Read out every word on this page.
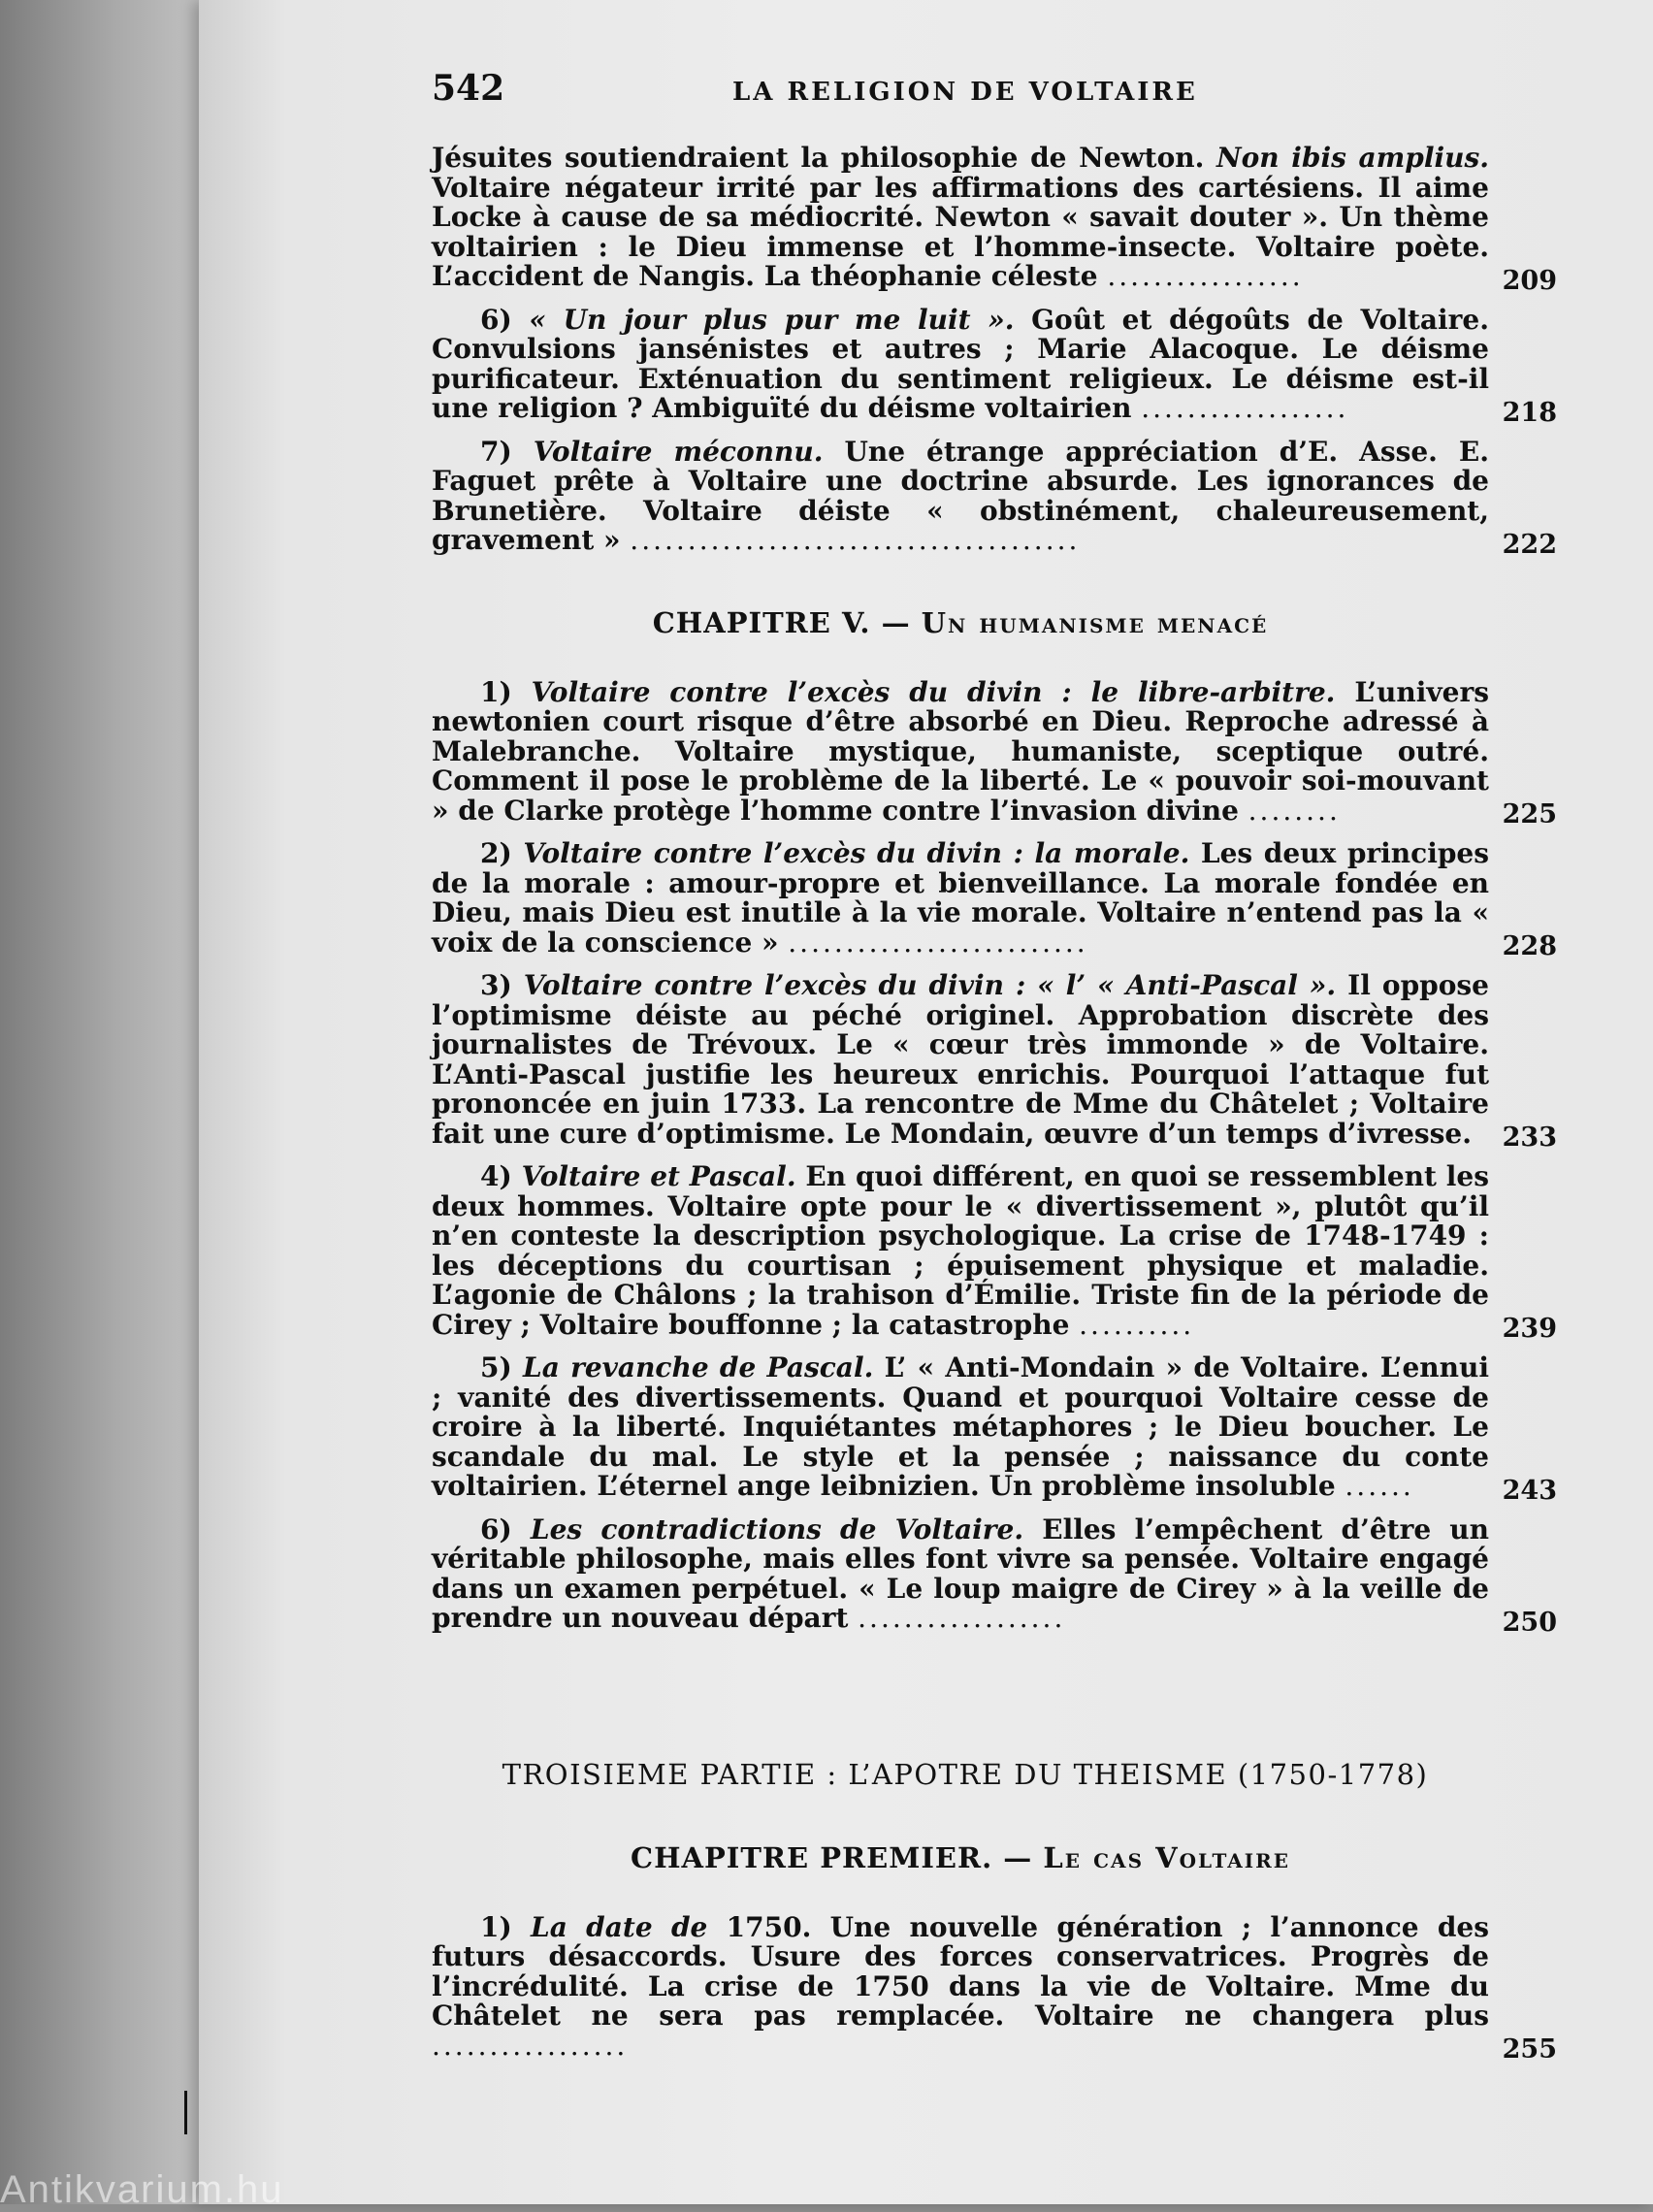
542	LA RELIGION DE VOLTAIRE
Jésuites soutiendraient la philosophie de Newton. Non ibis amplius. Voltaire négateur irrité par les affirmations des cartésiens. Il aime Locke à cause de sa médiocrité. Newton « savait douter ». Un thème voltairien : le Dieu immense et l’homme-insecte. Voltaire poète. L’accident de Nangis. La théophanie céleste .................	209
6) « Un jour plus pur me luit ». Goût et dégoûts de Voltaire. Convulsions jansénistes et autres ; Marie Alacoque. Le déisme purificateur. Exténuation du sentiment religieux. Le déisme est-il une religion ? Ambiguïté du déisme voltairien ..................	218
7) Voltaire méconnu. Une étrange appréciation d’E. Asse. E. Faguet prête à Voltaire une doctrine absurde. Les ignorances de Brunetière. Voltaire déiste « obstinément, chaleureusement, gravement » .......................................	222
CHAPITRE V. — Un humanisme menacé
1) Voltaire contre l’excès du divin : le libre-arbitre. L’univers newtonien court risque d’être absorbé en Dieu. Reproche adressé à Malebranche. Voltaire mystique, humaniste, sceptique outré. Comment il pose le problème de la liberté. Le « pouvoir soi-mouvant » de Clarke protège l’homme contre l’invasion divine ........	225
2) Voltaire contre l’excès du divin : la morale. Les deux principes de la morale : amour-propre et bienveillance. La morale fondée en Dieu, mais Dieu est inutile à la vie morale. Voltaire n’entend pas la « voix de la conscience » ..........................	228
3) Voltaire contre l’excès du divin : « l’ « Anti-Pascal ». Il oppose l’optimisme déiste au péché originel. Approbation discrète des journalistes de Trévoux. Le « cœur très immonde » de Voltaire. L’Anti-Pascal justifie les heureux enrichis. Pourquoi l’attaque fut prononcée en juin 1733. La rencontre de Mme du Châtelet ; Voltaire fait une cure d’optimisme. Le Mondain, œuvre d’un temps d’ivresse.	233
4) Voltaire et Pascal. En quoi différent, en quoi se ressemblent les deux hommes. Voltaire opte pour le « divertissement », plutôt qu’il n’en conteste la description psychologique. La crise de 1748-1749 : les déceptions du courtisan ; épuisement physique et maladie. L’agonie de Châlons ; la trahison d’Émilie. Triste fin de la période de Cirey ; Voltaire bouffonne ; la catastrophe ..........	239
5) La revanche de Pascal. L’ « Anti-Mondain » de Voltaire. L’ennui ; vanité des divertissements. Quand et pourquoi Voltaire cesse de croire à la liberté. Inquiétantes métaphores ; le Dieu boucher. Le scandale du mal. Le style et la pensée ; naissance du conte voltairien. L’éternel ange leibnizien. Un problème insoluble ......	243
6) Les contradictions de Voltaire. Elles l’empêchent d’être un véritable philosophe, mais elles font vivre sa pensée. Voltaire engagé dans un examen perpétuel. « Le loup maigre de Cirey » à la veille de prendre un nouveau départ ..................	250
TROISIEME PARTIE : L’APOTRE DU THEISME (1750-1778)
CHAPITRE PREMIER. — Le cas Voltaire
1) La date de 1750. Une nouvelle génération ; l’annonce des futurs désaccords. Usure des forces conservatrices. Progrès de l’incrédulité. La crise de 1750 dans la vie de Voltaire. Mme du Châtelet ne sera pas remplacée. Voltaire ne changera plus .................	255
Antikvarium.hu
